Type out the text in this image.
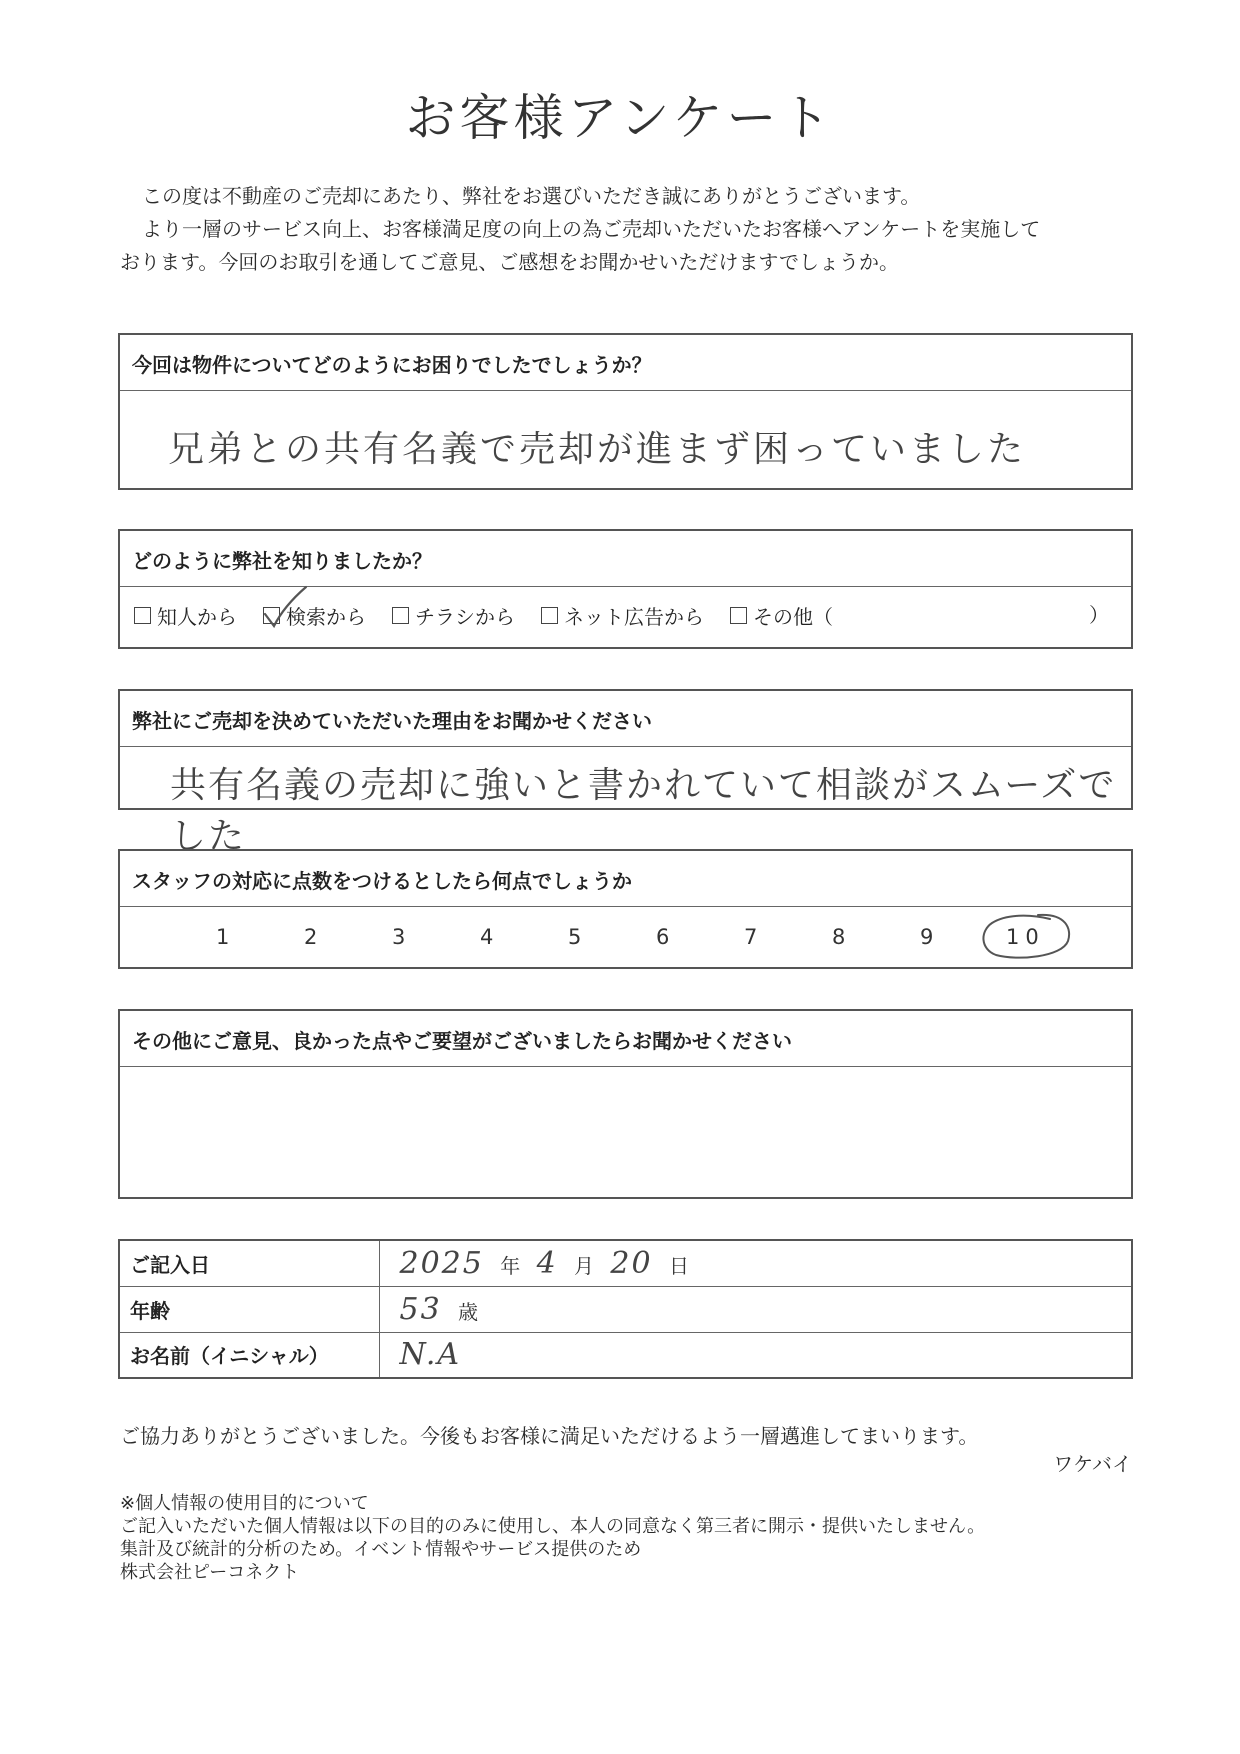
お客様アンケート

この度は不動産のご売却にあたり、弊社をお選びいただき誠にありがとうございます。

より一層のサービス向上、お客様満足度の向上の為ご売却いただいたお客様へアンケートを実施して

おります。今回のお取引を通してご意見、ご感想をお聞かせいただけますでしょうか。

今回は物件についてどのようにお困りでしたでしょうか？
兄弟との共有名義で売却が進まず困っていました
どのように弊社を知りましたか？
知人から 検索から チラシから ネット広告から その他（	）
弊社にご売却を決めていただいた理由をお聞かせください
共有名義の売却に強いと書かれていて相談がスムーズでした
スタッフの対応に点数をつけるとしたら何点でしょうか
1	2	3	4	5	6	7	8	9	10
その他にご意見、良かった点やご要望がございましたらお聞かせください
ご記入日	2025 年 4 月 20 日
年齢	53 歳
お名前（イニシャル）	N.A
ご協力ありがとうございました。今後もお客様に満足いただけるよう一層邁進してまいります。
ワケバイ

※個人情報の使用目的について

ご記入いただいた個人情報は以下の目的のみに使用し、本人の同意なく第三者に開示・提供いたしません。

集計及び統計的分析のため。イベント情報やサービス提供のため

株式会社ピーコネクト
